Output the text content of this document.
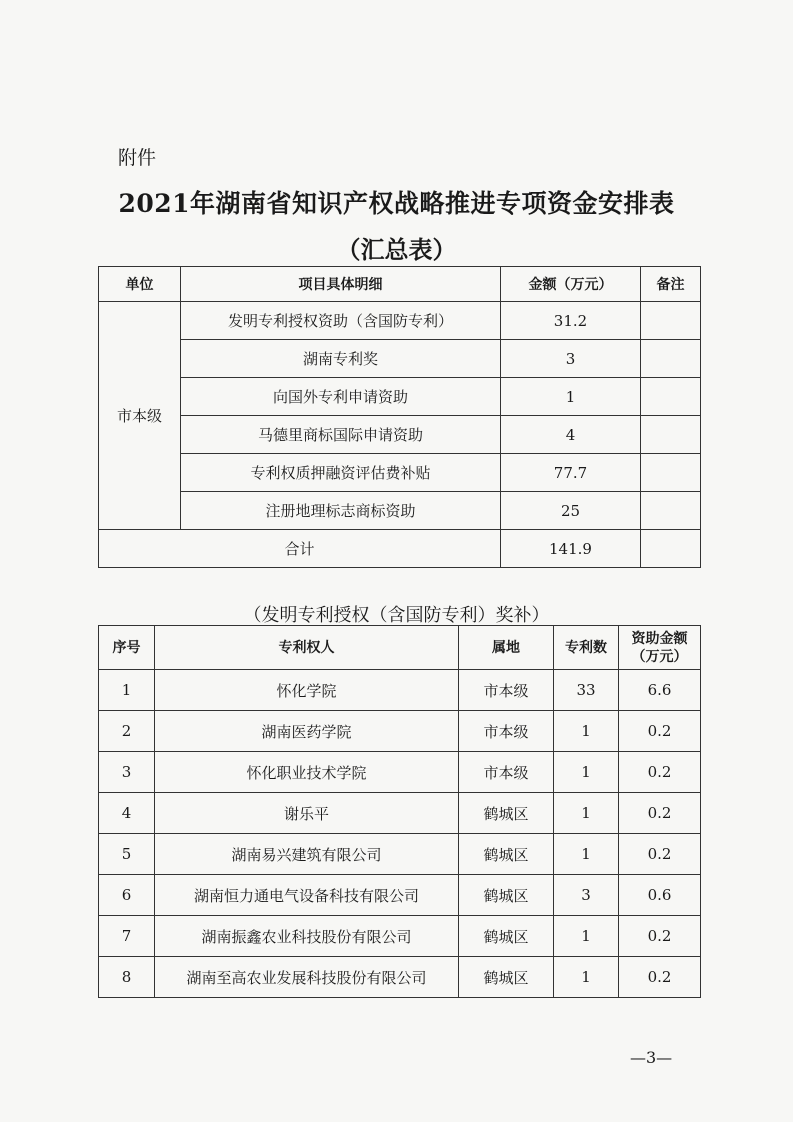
附件
2021年湖南省知识产权战略推进专项资金安排表
（汇总表）
单位	项目具体明细	金额（万元）	备注
市本级	发明专利授权资助（含国防专利）	31.2	
	湖南专利奖	3	
	向国外专利申请资助	1	
	马德里商标国际申请资助	4	
	专利权质押融资评估费补贴	77.7	
	注册地理标志商标资助	25	
合计		141.9	
（发明专利授权（含国防专利）奖补）
序号	专利权人	属地	专利数	资助金额
（万元）
1	怀化学院	市本级	33	6.6
2	湖南医药学院	市本级	1	0.2
3	怀化职业技术学院	市本级	1	0.2
4	谢乐平	鹤城区	1	0.2
5	湖南易兴建筑有限公司	鹤城区	1	0.2
6	湖南恒力通电气设备科技有限公司	鹤城区	3	0.6
7	湖南振鑫农业科技股份有限公司	鹤城区	1	0.2
8	湖南至高农业发展科技股份有限公司	鹤城区	1	0.2
—3—
